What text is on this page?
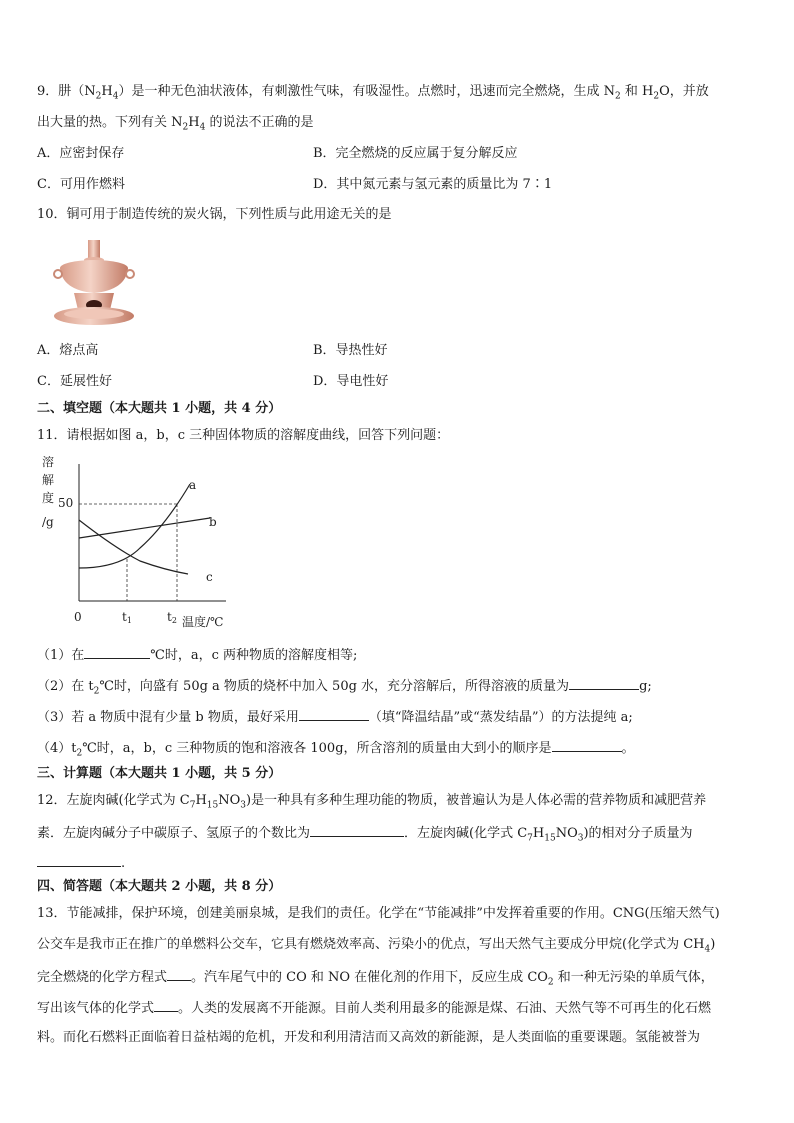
9．肼$(N_2H_4)$是一种无色油状液体，有刺激性气味，有吸湿性。点燃时，迅速而完全燃烧，生成 $N_2$ 和 $H_2O$，并放
出大量的热。下列有关 $N_2H_4$ 的说法不正确的是
A．应密封保存	B．完全燃烧的反应属于复分解反应
C．可用作燃料	D．其中氮元素与氢元素的质量比为 7∶1
10．铜可用于制造传统的炭火锅，下列性质与此用途无关的是
A．熔点高	B．导热性好
C．延展性好	D．导电性好
二、填空题（本大题共 1 小题，共 4 分）
11．请根据如图 a，b，c 三种固体物质的溶解度曲线，回答下列问题：
溶
解
度
/g
50
0	t1	t2 温度/℃
a
b
c
（1）在	℃时，a，c 两种物质的溶解度相等;
（2）在 $t_2℃$时，向盛有 50g a 物质的烧杯中加入 50g 水，充分溶解后，所得溶液的质量为	g;
（3）若 a 物质中混有少量 b 物质，最好采用	（填“降温结晶”或“蒸发结晶”）的方法提纯 a;
$(4)t_2℃$时，a，b，c 三种物质的饱和溶液各 100g，所含溶剂的质量由大到小的顺序是	。
三、计算题（本大题共 1 小题，共 5 分）
12．左旋肉碱(化学式为 $C_7H_{15}NO_3$)是一种具有多种生理功能的物质，被普遍认为是人体必需的营养物质和减肥营养
素．左旋肉碱分子中碳原子、氢原子的个数比为	．左旋肉碱(化学式 $C_7H_{15}NO_3$)的相对分子质量为
.
四、简答题（本大题共 2 小题，共 8 分）
13．节能减排，保护环境，创建美丽泉城，是我们的责任。化学在“节能减排”中发挥着重要的作用。CNG(压缩天然气)
公交车是我市正在推广的单燃料公交车，它具有燃烧效率高、污染小的优点，写出天然气主要成分甲烷(化学式为 $CH_4$)
完全燃烧的化学方程式 。汽车尾气中的 CO 和 NO 在催化剂的作用下，反应生成 $CO_2$ 和一种无污染的单质气体，
写出该气体的化学式 。人类的发展离不开能源。目前人类利用最多的能源是煤、石油、天然气等不可再生的化石燃
料。而化石燃料正面临着日益枯竭的危机，开发和利用清洁而又高效的新能源，是人类面临的重要课题。氢能被誉为
